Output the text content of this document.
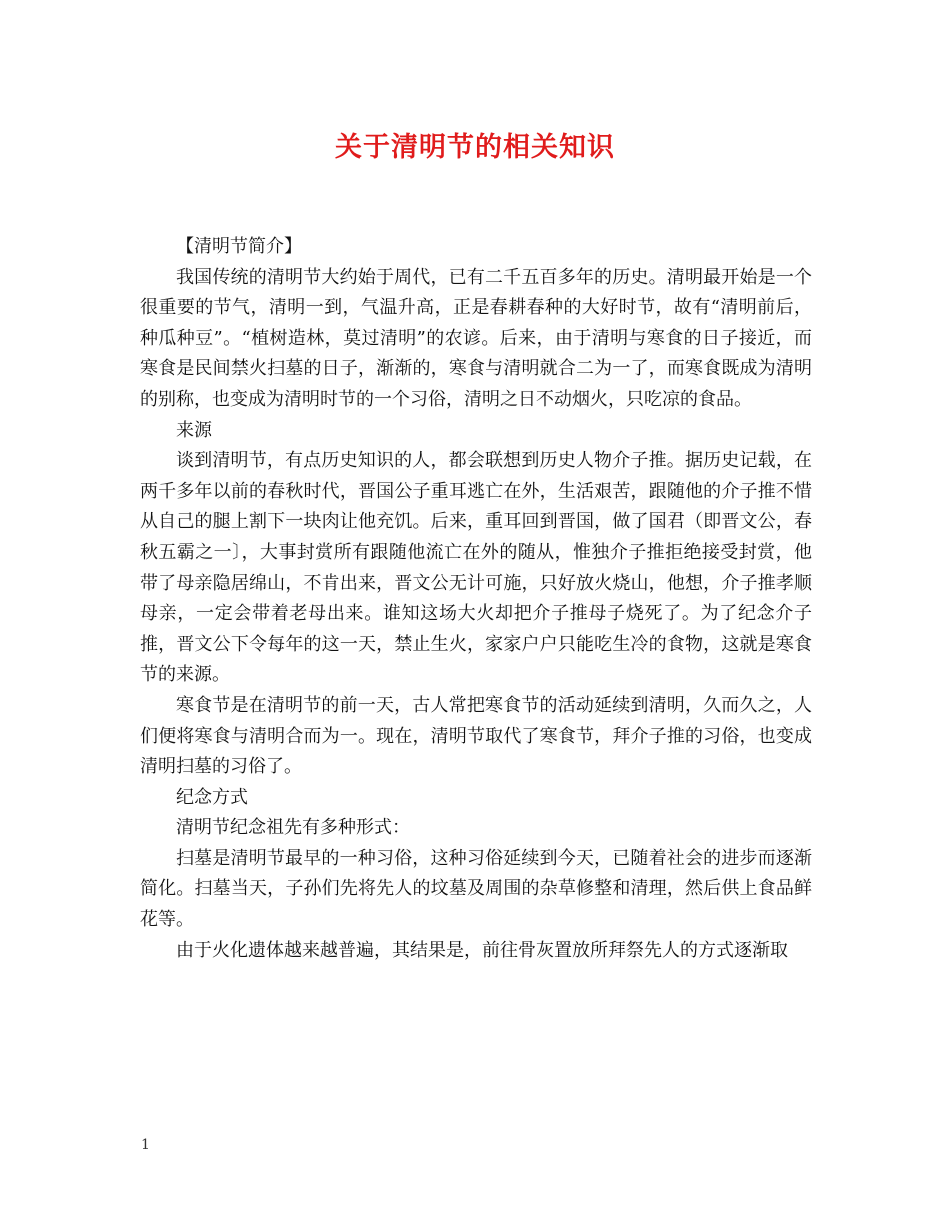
关于清明节的相关知识

【清明节简介】

我国传统的清明节大约始于周代，已有二千五百多年的历史。清明最开始是一个很重要的节气，清明一到，气温升高，正是春耕春种的大好时节，故有“清明前后，种瓜种豆”。“植树造林，莫过清明”的农谚。后来，由于清明与寒食的日子接近，而寒食是民间禁火扫墓的日子，渐渐的，寒食与清明就合二为一了，而寒食既成为清明的别称，也变成为清明时节的一个习俗，清明之日不动烟火，只吃凉的食品。

来源

谈到清明节，有点历史知识的人，都会联想到历史人物介子推。据历史记载，在两千多年以前的春秋时代，晋国公子重耳逃亡在外，生活艰苦，跟随他的介子推不惜从自己的腿上割下一块肉让他充饥。后来，重耳回到晋国，做了国君（即晋文公，春秋五霸之一〕，大事封赏所有跟随他流亡在外的随从，惟独介子推拒绝接受封赏，他带了母亲隐居绵山，不肯出来，晋文公无计可施，只好放火烧山，他想，介子推孝顺母亲，一定会带着老母出来。谁知这场大火却把介子推母子烧死了。为了纪念介子推，晋文公下令每年的这一天，禁止生火，家家户户只能吃生冷的食物，这就是寒食节的来源。

寒食节是在清明节的前一天，古人常把寒食节的活动延续到清明，久而久之，人们便将寒食与清明合而为一。现在，清明节取代了寒食节，拜介子推的习俗，也变成清明扫墓的习俗了。

纪念方式

清明节纪念祖先有多种形式：

扫墓是清明节最早的一种习俗，这种习俗延续到今天，已随着社会的进步而逐渐简化。扫墓当天，子孙们先将先人的坟墓及周围的杂草修整和清理，然后供上食品鲜花等。

由于火化遗体越来越普遍，其结果是，前往骨灰置放所拜祭先人的方式逐渐取

1
